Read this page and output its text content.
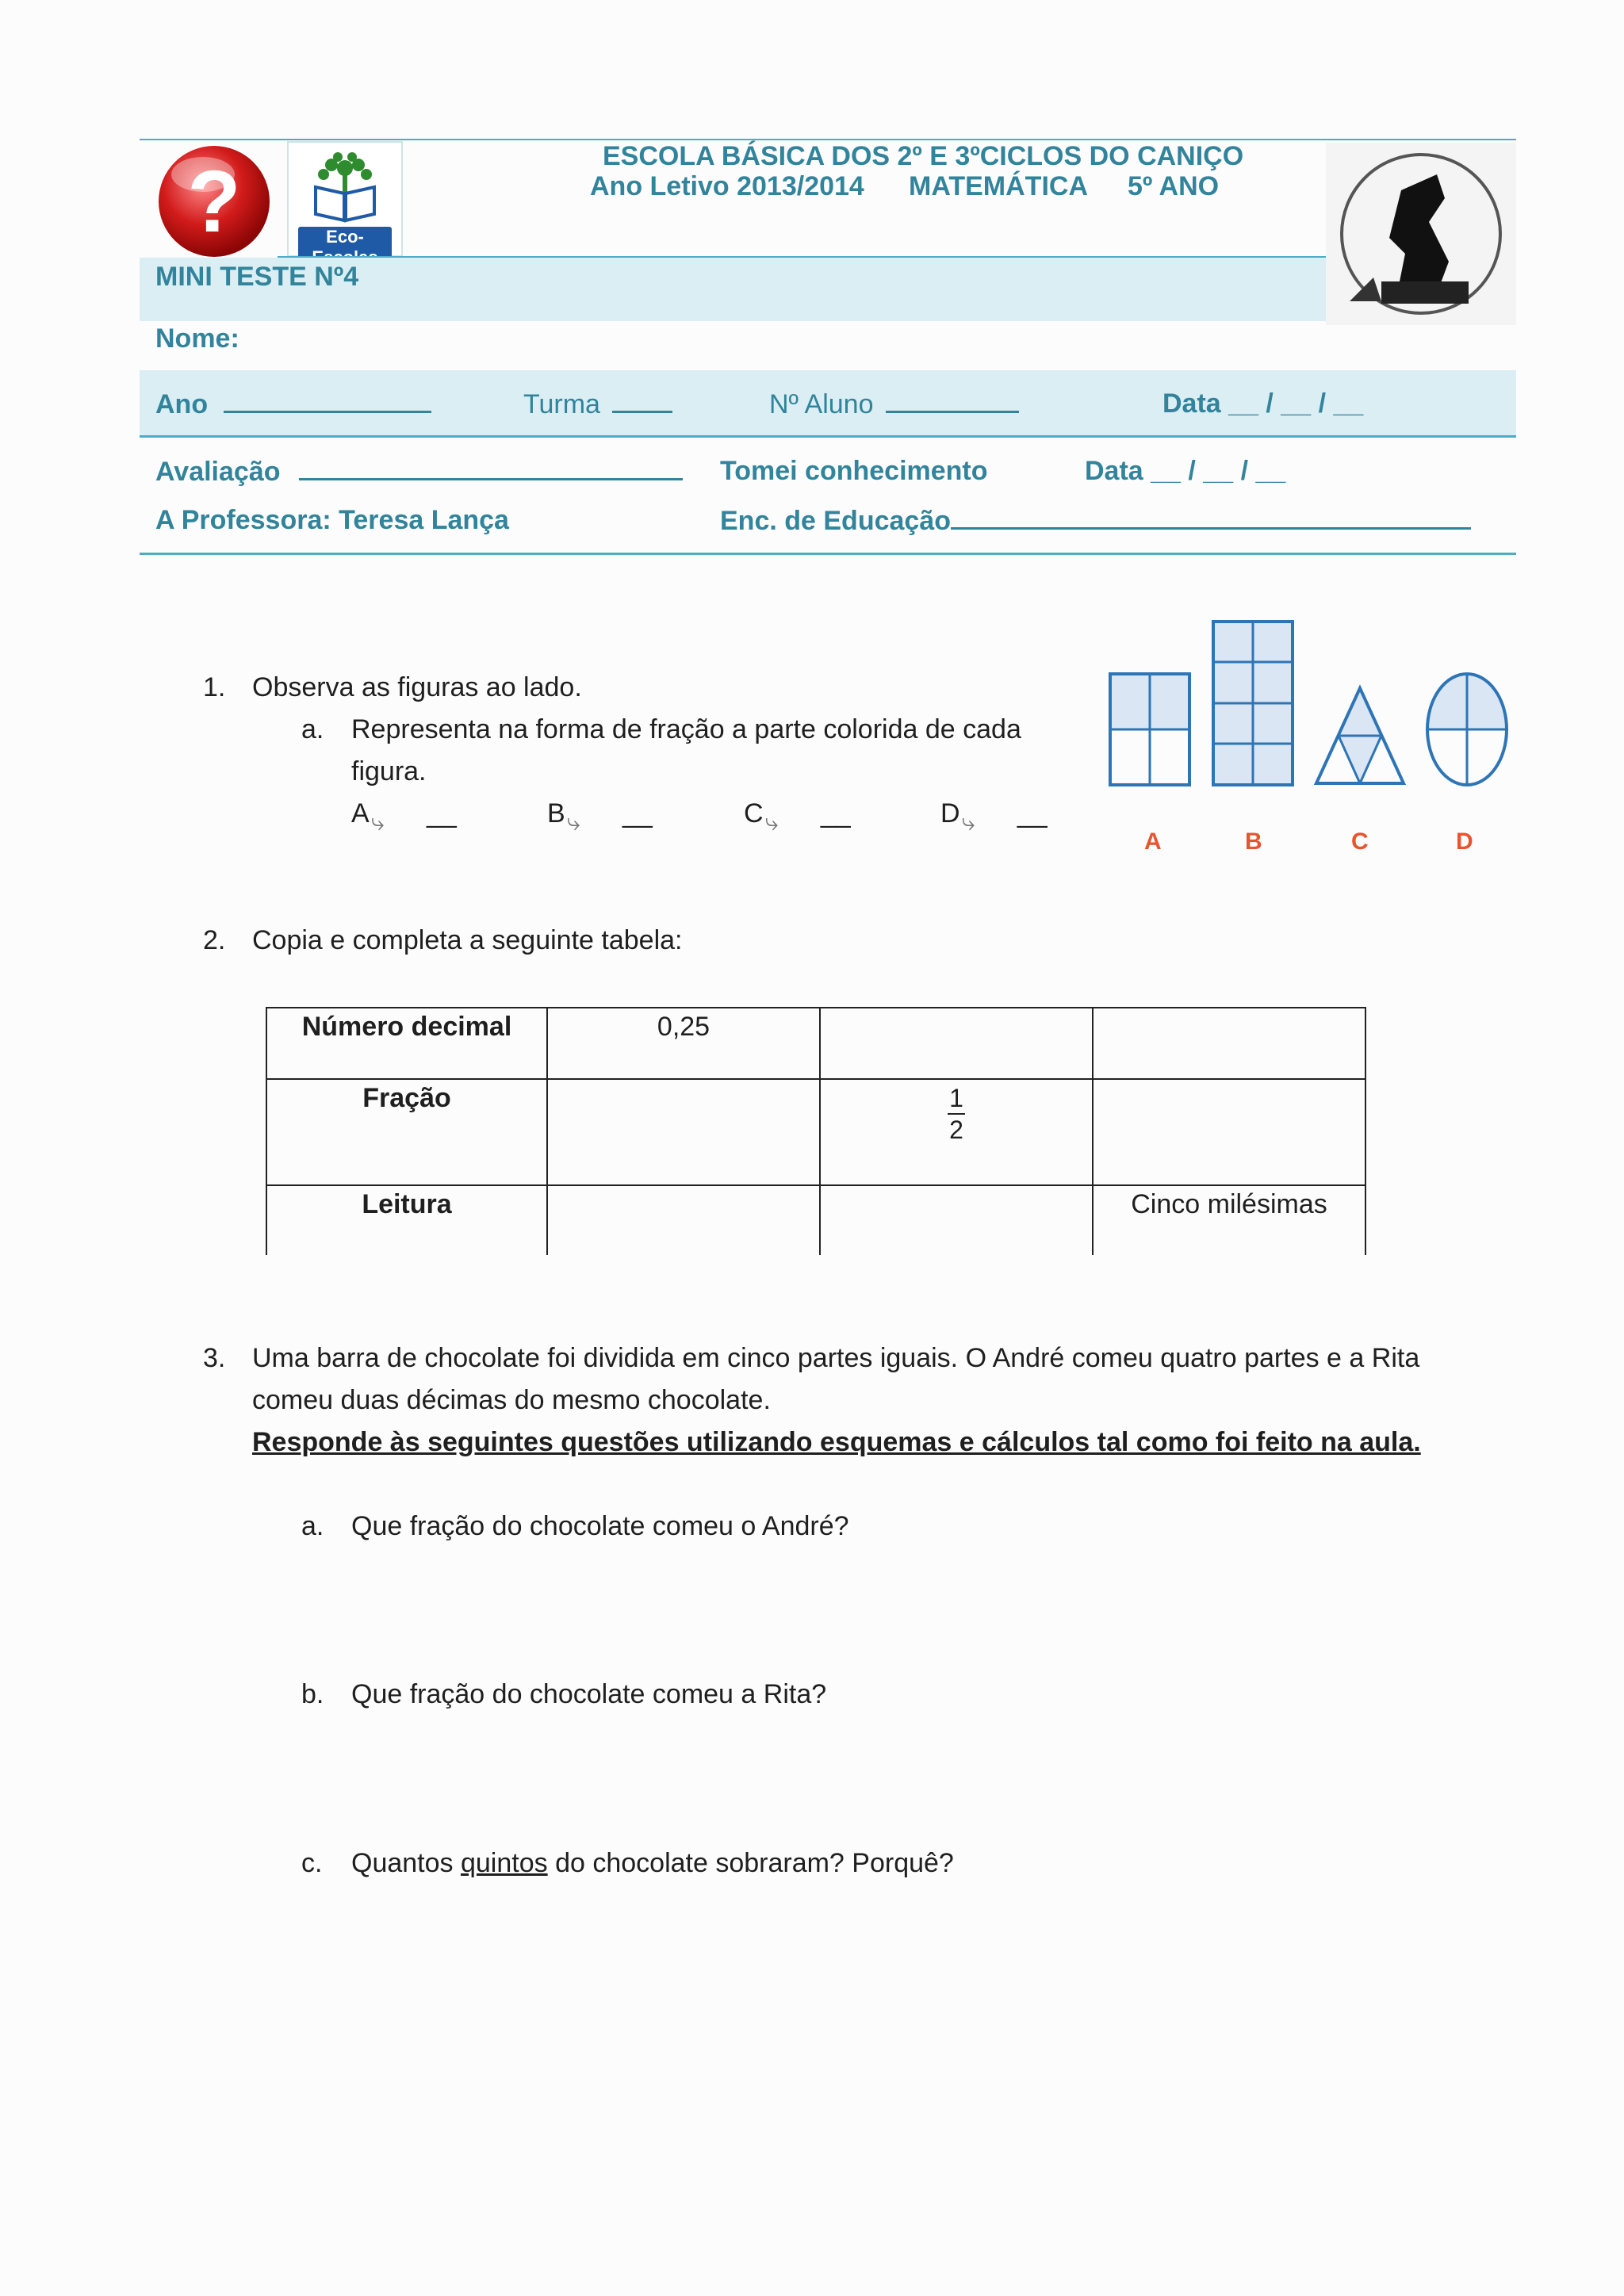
?	Eco-
ESCOLA BÁSICA DOS 2º E 3ºCICLOS DO CANIÇO
Ano Letivo 2013/2014 MATEMÁTICA 5º ANO
MINI TESTE Nº4
Nome:
Ano	Turma	Nº Aluno	Data __ / __ / __
Avaliação	Tomei conhecimento	Data __ / __ / __
A Professora: Teresa Lança	Enc. de Educação
1. Observa as figuras ao lado.
a. Representa na forma de fração a parte colorida de cada
figura.
A⤷ __	B⤷ __	C⤷ __	D⤷ __
A	B	C	D
2. Copia e completa a seguinte tabela:
Número decimal	0,25		
Fração		$\frac{1}{2}$

Leitura			Cinco milésimas
3. Uma barra de chocolate foi dividida em cinco partes iguais. O André comeu quatro partes e a Rita
comeu duas décimas do mesmo chocolate.
Responde às seguintes questões utilizando esquemas e cálculos tal como foi feito na aula.
a. Que fração do chocolate comeu o André?
b. Que fração do chocolate comeu a Rita?
c. Quantos quintos do chocolate sobraram? Porquê?
